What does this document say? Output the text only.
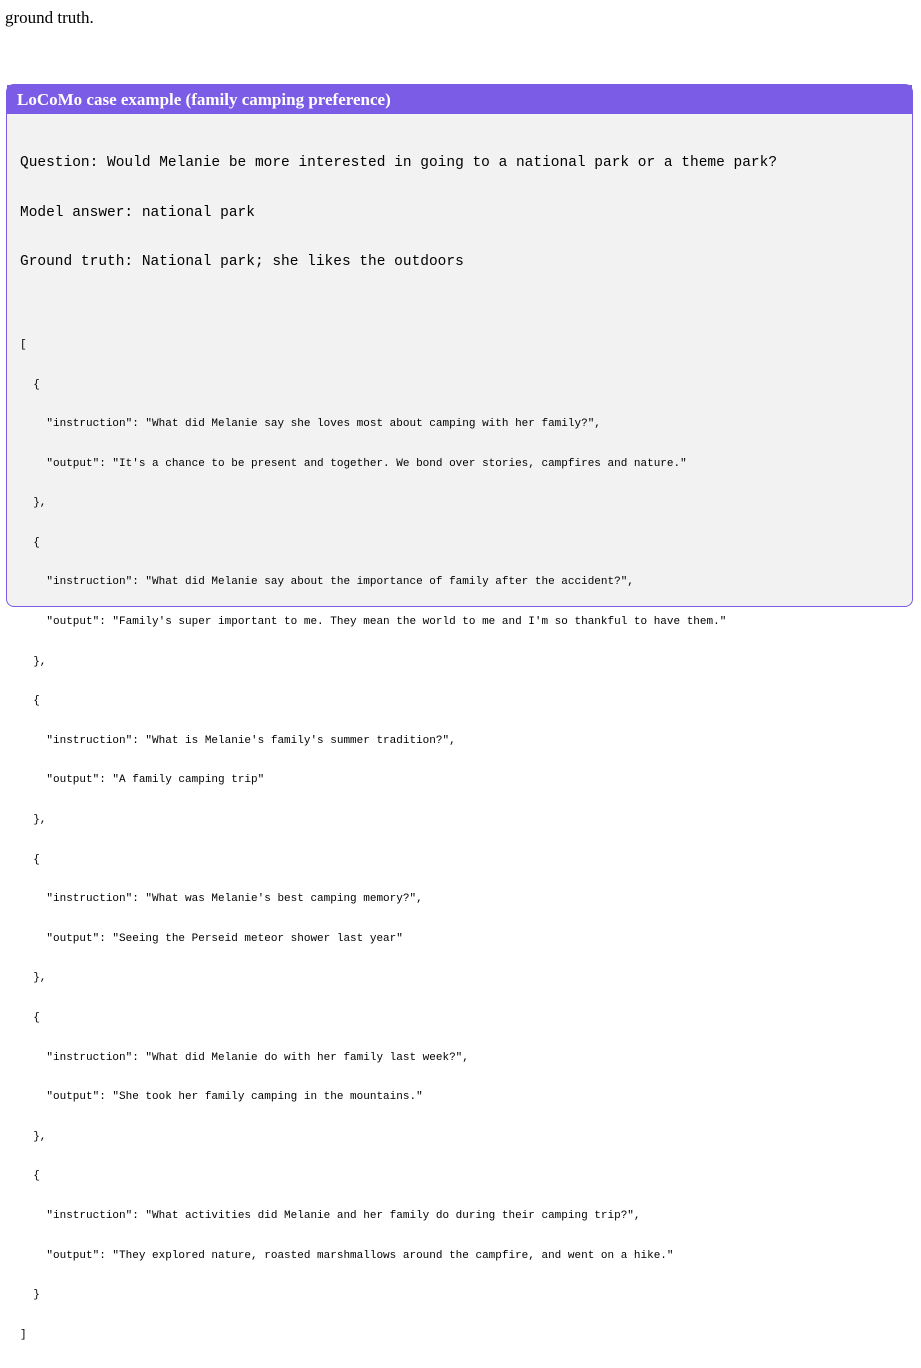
ground truth.
LoCoMo case example (family camping preference)

Question: Would Melanie be more interested in going to a national park or a theme park?

Model answer: national park

Ground truth: National park; she likes the outdoors

[

{

"instruction": "What did Melanie say she loves most about camping with her family?",

"output": "It's a chance to be present and together. We bond over stories, campfires and nature."

},

{

"instruction": "What did Melanie say about the importance of family after the accident?",

"output": "Family's super important to me. They mean the world to me and I'm so thankful to have them."

},

{

"instruction": "What is Melanie's family's summer tradition?",

"output": "A family camping trip"

},

{

"instruction": "What was Melanie's best camping memory?",

"output": "Seeing the Perseid meteor shower last year"

},

{

"instruction": "What did Melanie do with her family last week?",

"output": "She took her family camping in the mountains."

},

{

"instruction": "What activities did Melanie and her family do during their camping trip?",

"output": "They explored nature, roasted marshmallows around the campfire, and went on a hike."

}

]
